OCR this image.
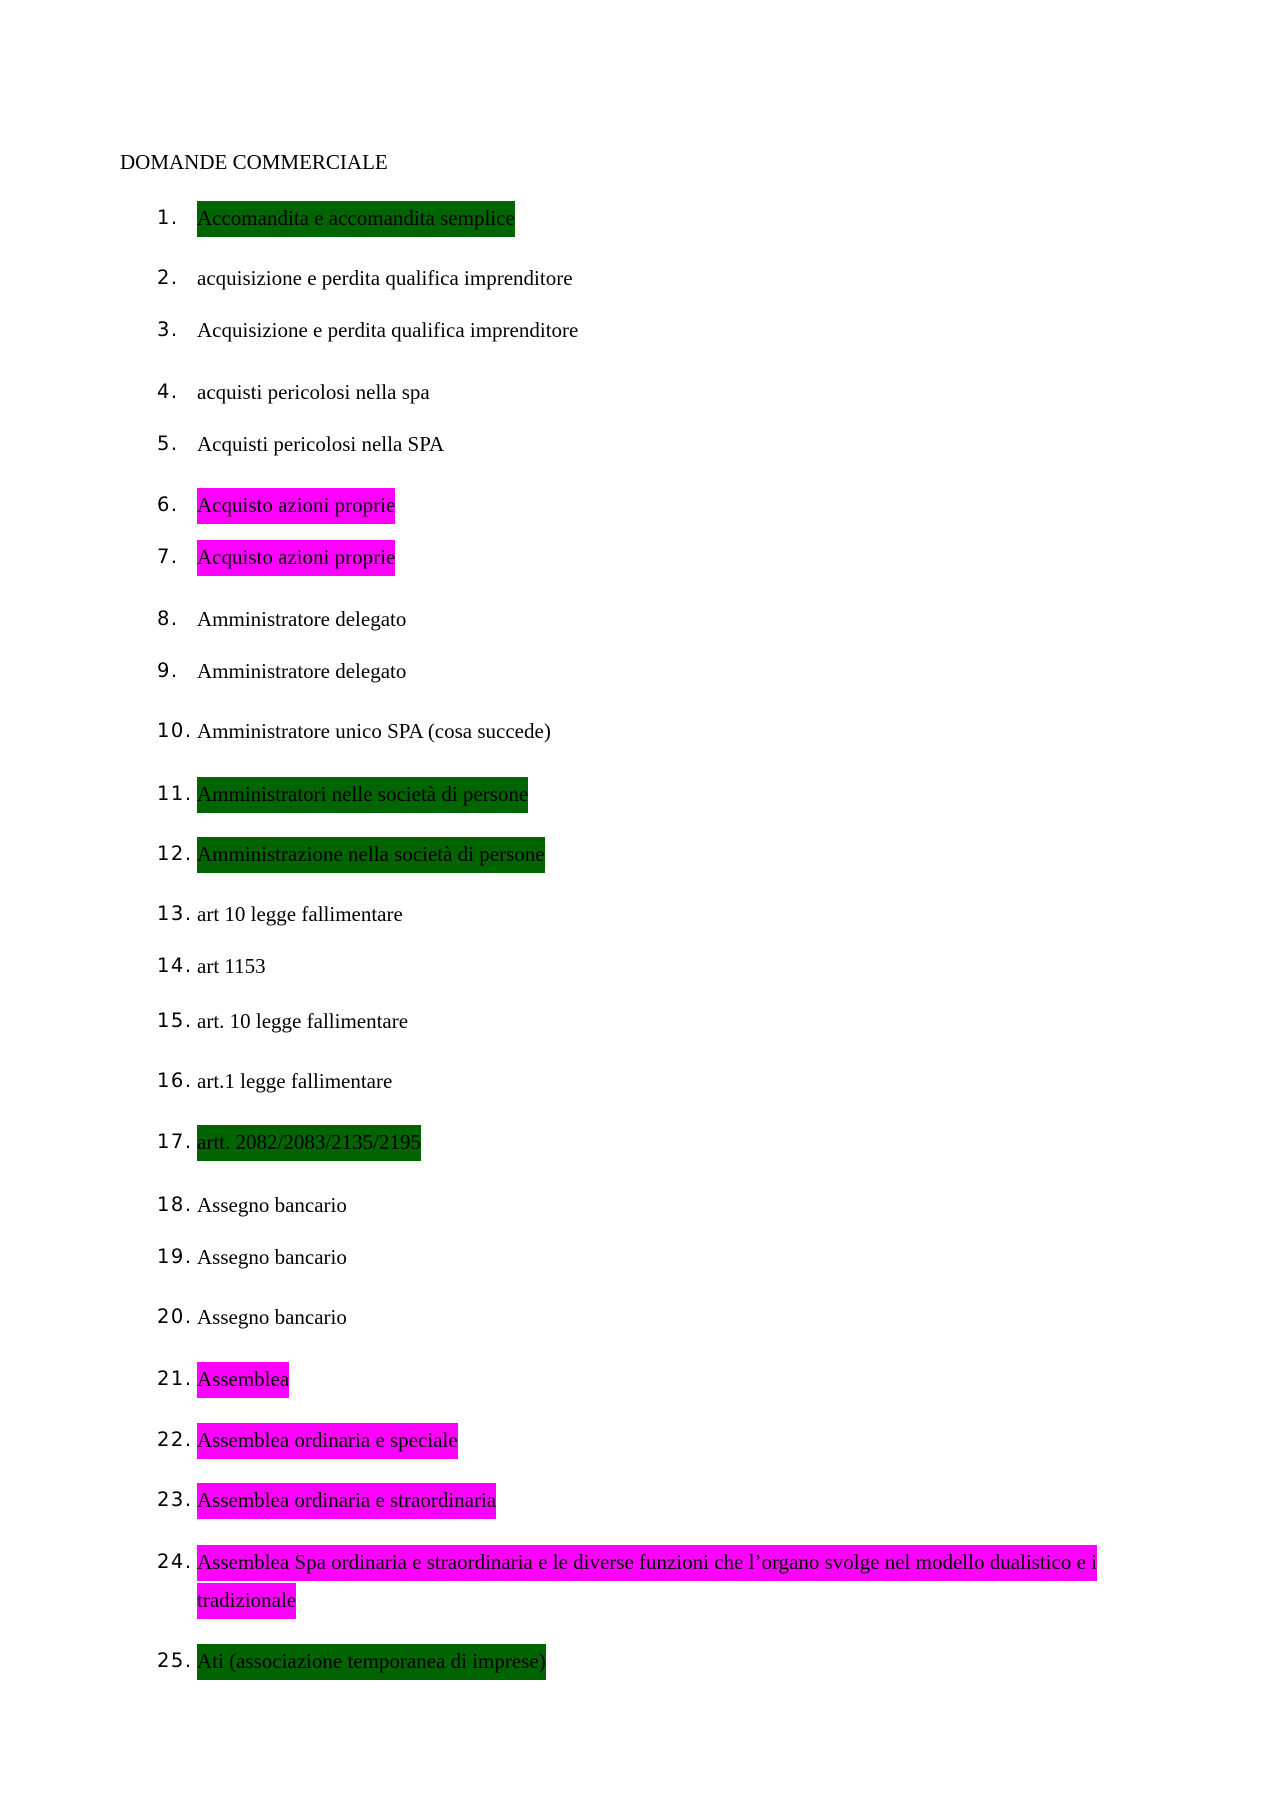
DOMANDE COMMERCIALE
1. Accomandita e accomandita semplice
2. acquisizione e perdita qualifica imprenditore
3. Acquisizione e perdita qualifica imprenditore
4. acquisti pericolosi nella spa
5. Acquisti pericolosi nella SPA
6. Acquisto azioni proprie
7. Acquisto azioni proprie
8. Amministratore delegato
9. Amministratore delegato
10. Amministratore unico SPA (cosa succede)
11. Amministratori nelle società di persone
12. Amministrazione nella società di persone
13. art 10 legge fallimentare
14. art 1153
15. art. 10 legge fallimentare
16. art.1 legge fallimentare
17. artt. 2082/2083/2135/2195
18. Assegno bancario
19. Assegno bancario
20. Assegno bancario
21. Assemblea
22. Assemblea ordinaria e speciale
23. Assemblea ordinaria e straordinaria
24. Assemblea Spa ordinaria e straordinaria e le diverse funzioni che l’organo svolge nel modello dualistico e i tradizionale
25. Ati (associazione temporanea di imprese)
